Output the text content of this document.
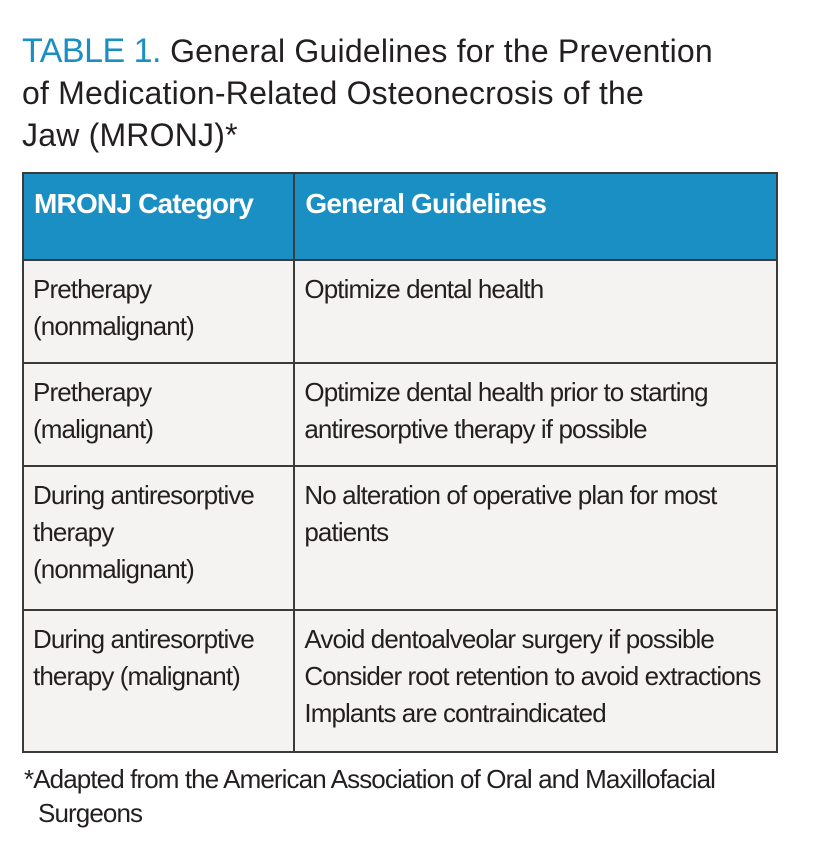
TABLE 1. General Guidelines for the Prevention
of Medication-Related Osteonecrosis of the
Jaw (MRONJ)*
MRONJ Category	General Guidelines

Pretherapy
(nonmalignant)	Optimize dental health

Pretherapy
(malignant)	Optimize dental health prior to starting
antiresorptive therapy if possible

During antiresorptive
therapy
(nonmalignant)	No alteration of operative plan for most
patients

During antiresorptive
therapy (malignant)	Avoid dentoalveolar surgery if possible
Consider root retention to avoid extractions
Implants are contraindicated
*Adapted from the American Association of Oral and Maxillofacial
Surgeons
